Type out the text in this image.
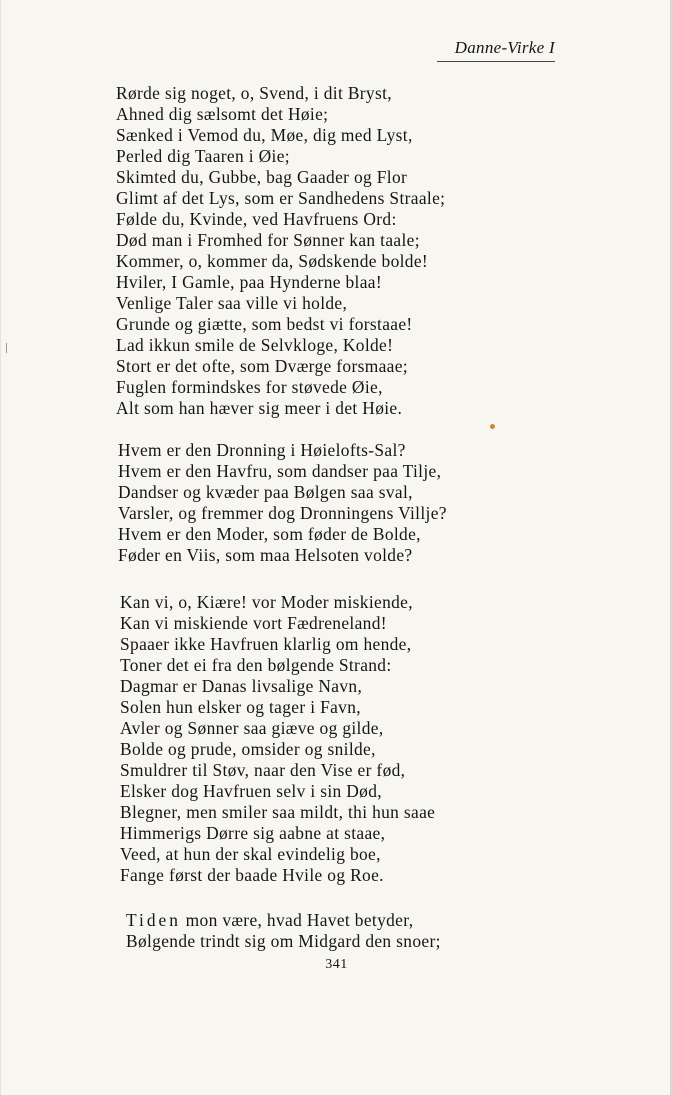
Danne-Virke I
Rørde sig noget, o, Svend, i dit Bryst,
Ahned dig sælsomt det Høie;
Sænked i Vemod du, Møe, dig med Lyst,
Perled dig Taaren i Øie;
Skimted du, Gubbe, bag Gaader og Flor
Glimt af det Lys, som er Sandhedens Straale;
Følde du, Kvinde, ved Havfruens Ord:
Død man i Fromhed for Sønner kan taale;
Kommer, o, kommer da, Sødskende bolde!
Hviler, I Gamle, paa Hynderne blaa!
Venlige Taler saa ville vi holde,
Grunde og giætte, som bedst vi forstaae!
Lad ikkun smile de Selvkloge, Kolde!
Stort er det ofte, som Dværge forsmaae;
Fuglen formindskes for støvede Øie,
Alt som han hæver sig meer i det Høie.
Hvem er den Dronning i Høielofts-Sal?
Hvem er den Havfru, som dandser paa Tilje,
Dandser og kvæder paa Bølgen saa sval,
Varsler, og fremmer dog Dronningens Villje?
Hvem er den Moder, som føder de Bolde,
Føder en Viis, som maa Helsoten volde?
Kan vi, o, Kiære! vor Moder miskiende,
Kan vi miskiende vort Fædreneland!
Spaaer ikke Havfruen klarlig om hende,
Toner det ei fra den bølgende Strand:
Dagmar er Danas livsalige Navn,
Solen hun elsker og tager i Favn,
Avler og Sønner saa giæve og gilde,
Bolde og prude, omsider og snilde,
Smuldrer til Støv, naar den Vise er fød,
Elsker dog Havfruen selv i sin Død,
Blegner, men smiler saa mildt, thi hun saae
Himmerigs Dørre sig aabne at staae,
Veed, at hun der skal evindelig boe,
Fange først der baade Hvile og Roe.
Tiden mon være, hvad Havet betyder,
Bølgende trindt sig om Midgard den snoer;
341
